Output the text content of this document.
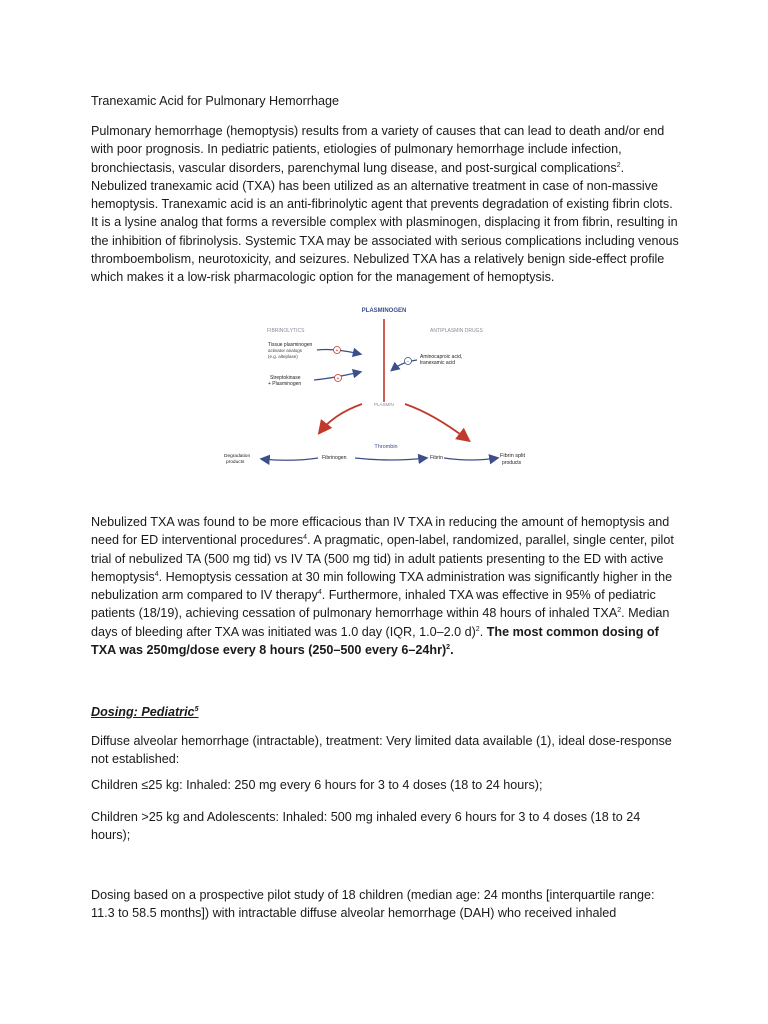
Tranexamic Acid for Pulmonary Hemorrhage
Pulmonary hemorrhage (hemoptysis) results from a variety of causes that can lead to death and/or end with poor prognosis. In pediatric patients, etiologies of pulmonary hemorrhage include infection, bronchiectasis, vascular disorders, parenchymal lung disease, and post-surgical complications$^2$. Nebulized tranexamic acid (TXA) has been utilized as an alternative treatment in case of non-massive hemoptysis. Tranexamic acid is an anti-fibrinolytic agent that prevents degradation of existing fibrin clots. It is a lysine analog that forms a reversible complex with plasminogen, displacing it from fibrin, resulting in the inhibition of fibrinolysis. Systemic TXA may be associated with serious complications including venous thromboembolism, neurotoxicity, and seizures. Nebulized TXA has a relatively benign side-effect profile which makes it a low-risk pharmacologic option for the management of hemoptysis.
PLASMINOGEN
FIBRINOLYTICS	ANTIPLASMIN DRUGS
Tissue plasminogen
activator analogs
(e.g. alteplase)
Streptokinase
+ Plasminogen
Aminocaproic acid,
tranexamic acid
+
+
−
PLASMIN
Thrombin
Degradation
products
Fibrinogen	Fibrin	Fibrin split
products
Nebulized TXA was found to be more efficacious than IV TXA in reducing the amount of hemoptysis and need for ED interventional procedures$^4$. A pragmatic, open-label, randomized, parallel, single center, pilot trial of nebulized TA (500 mg tid) vs IV TA (500 mg tid) in adult patients presenting to the ED with active hemoptysis$^4$. Hemoptysis cessation at 30 min following TXA administration was significantly higher in the nebulization arm compared to IV therapy$^4$. Furthermore, inhaled TXA was effective in 95% of pediatric patients (18/19), achieving cessation of pulmonary hemorrhage within 48 hours of inhaled TXA$^2$. Median days of bleeding after TXA was initiated was 1.0 day (IQR, 1.0–2.0 d)$^2$. The most common dosing of TXA was 250mg/dose every 8 hours (250–500 every 6–24hr)$^2$.
Dosing: Pediatric$^5$
Diffuse alveolar hemorrhage (intractable), treatment: Very limited data available (1), ideal dose-response not established:
Children ≤25 kg: Inhaled: 250 mg every 6 hours for 3 to 4 doses (18 to 24 hours);
Children >25 kg and Adolescents: Inhaled: 500 mg inhaled every 6 hours for 3 to 4 doses (18 to 24 hours);
Dosing based on a prospective pilot study of 18 children (median age: 24 months [interquartile range: 11.3 to 58.5 months]) with intractable diffuse alveolar hemorrhage (DAH) who received inhaled
